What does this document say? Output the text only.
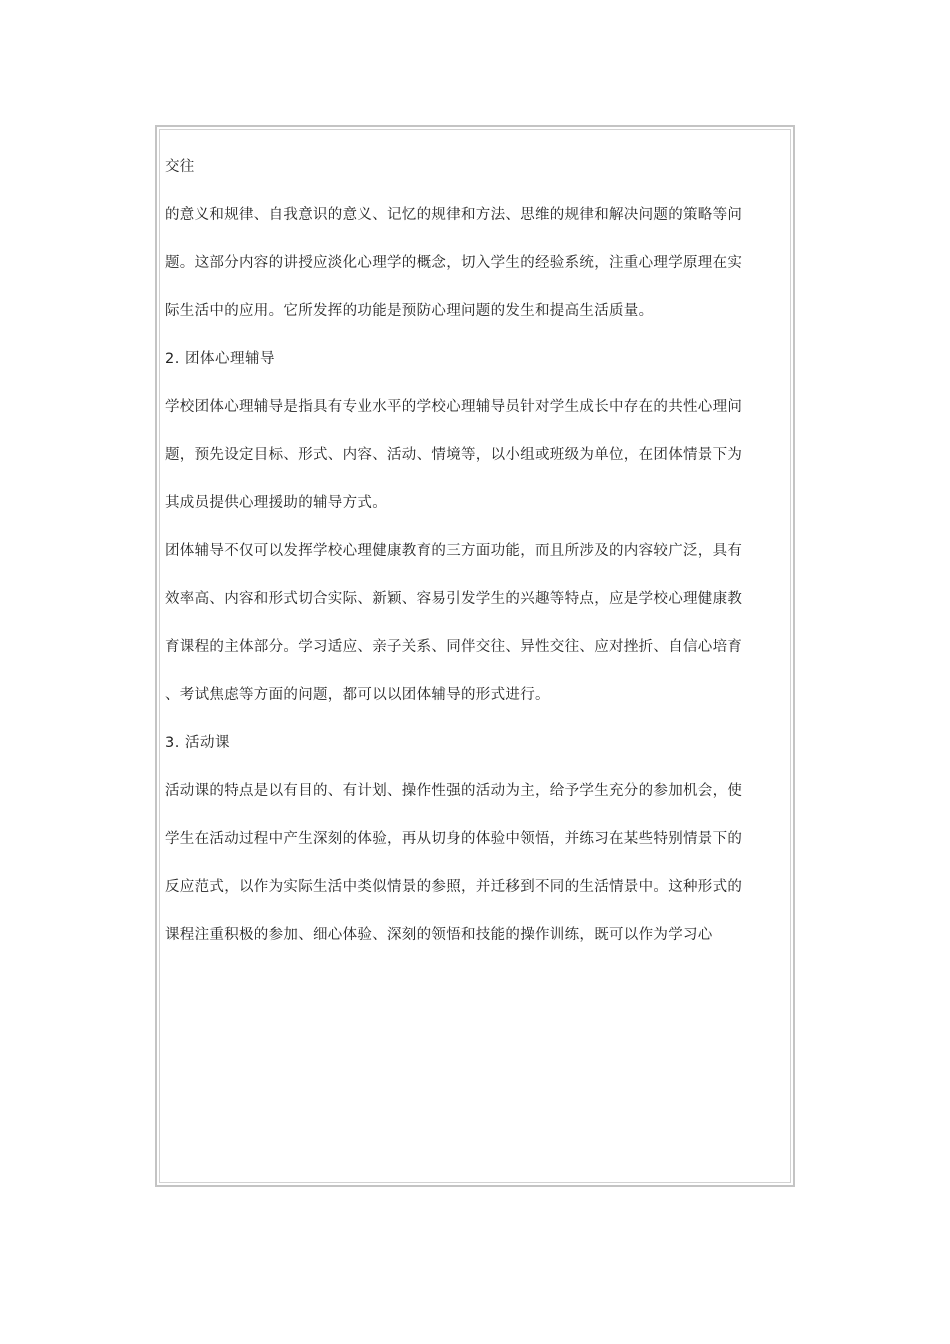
交往

的意义和规律、自我意识的意义、记忆的规律和方法、思维的规律和解决问题的策略等问

题。这部分内容的讲授应淡化心理学的概念，切入学生的经验系统，注重心理学原理在实

际生活中的应用。它所发挥的功能是预防心理问题的发生和提高生活质量。

2. 团体心理辅导

学校团体心理辅导是指具有专业水平的学校心理辅导员针对学生成长中存在的共性心理问

题，预先设定目标、形式、内容、活动、情境等，以小组或班级为单位，在团体情景下为

其成员提供心理援助的辅导方式。

团体辅导不仅可以发挥学校心理健康教育的三方面功能，而且所涉及的内容较广泛，具有

效率高、内容和形式切合实际、新颖、容易引发学生的兴趣等特点，应是学校心理健康教

育课程的主体部分。学习适应、亲子关系、同伴交往、异性交往、应对挫折、自信心培育

、考试焦虑等方面的问题，都可以以团体辅导的形式进行。

3. 活动课

活动课的特点是以有目的、有计划、操作性强的活动为主，给予学生充分的参加机会，使

学生在活动过程中产生深刻的体验，再从切身的体验中领悟，并练习在某些特别情景下的

反应范式，以作为实际生活中类似情景的参照，并迁移到不同的生活情景中。这种形式的

课程注重积极的参加、细心体验、深刻的领悟和技能的操作训练，既可以作为学习心
